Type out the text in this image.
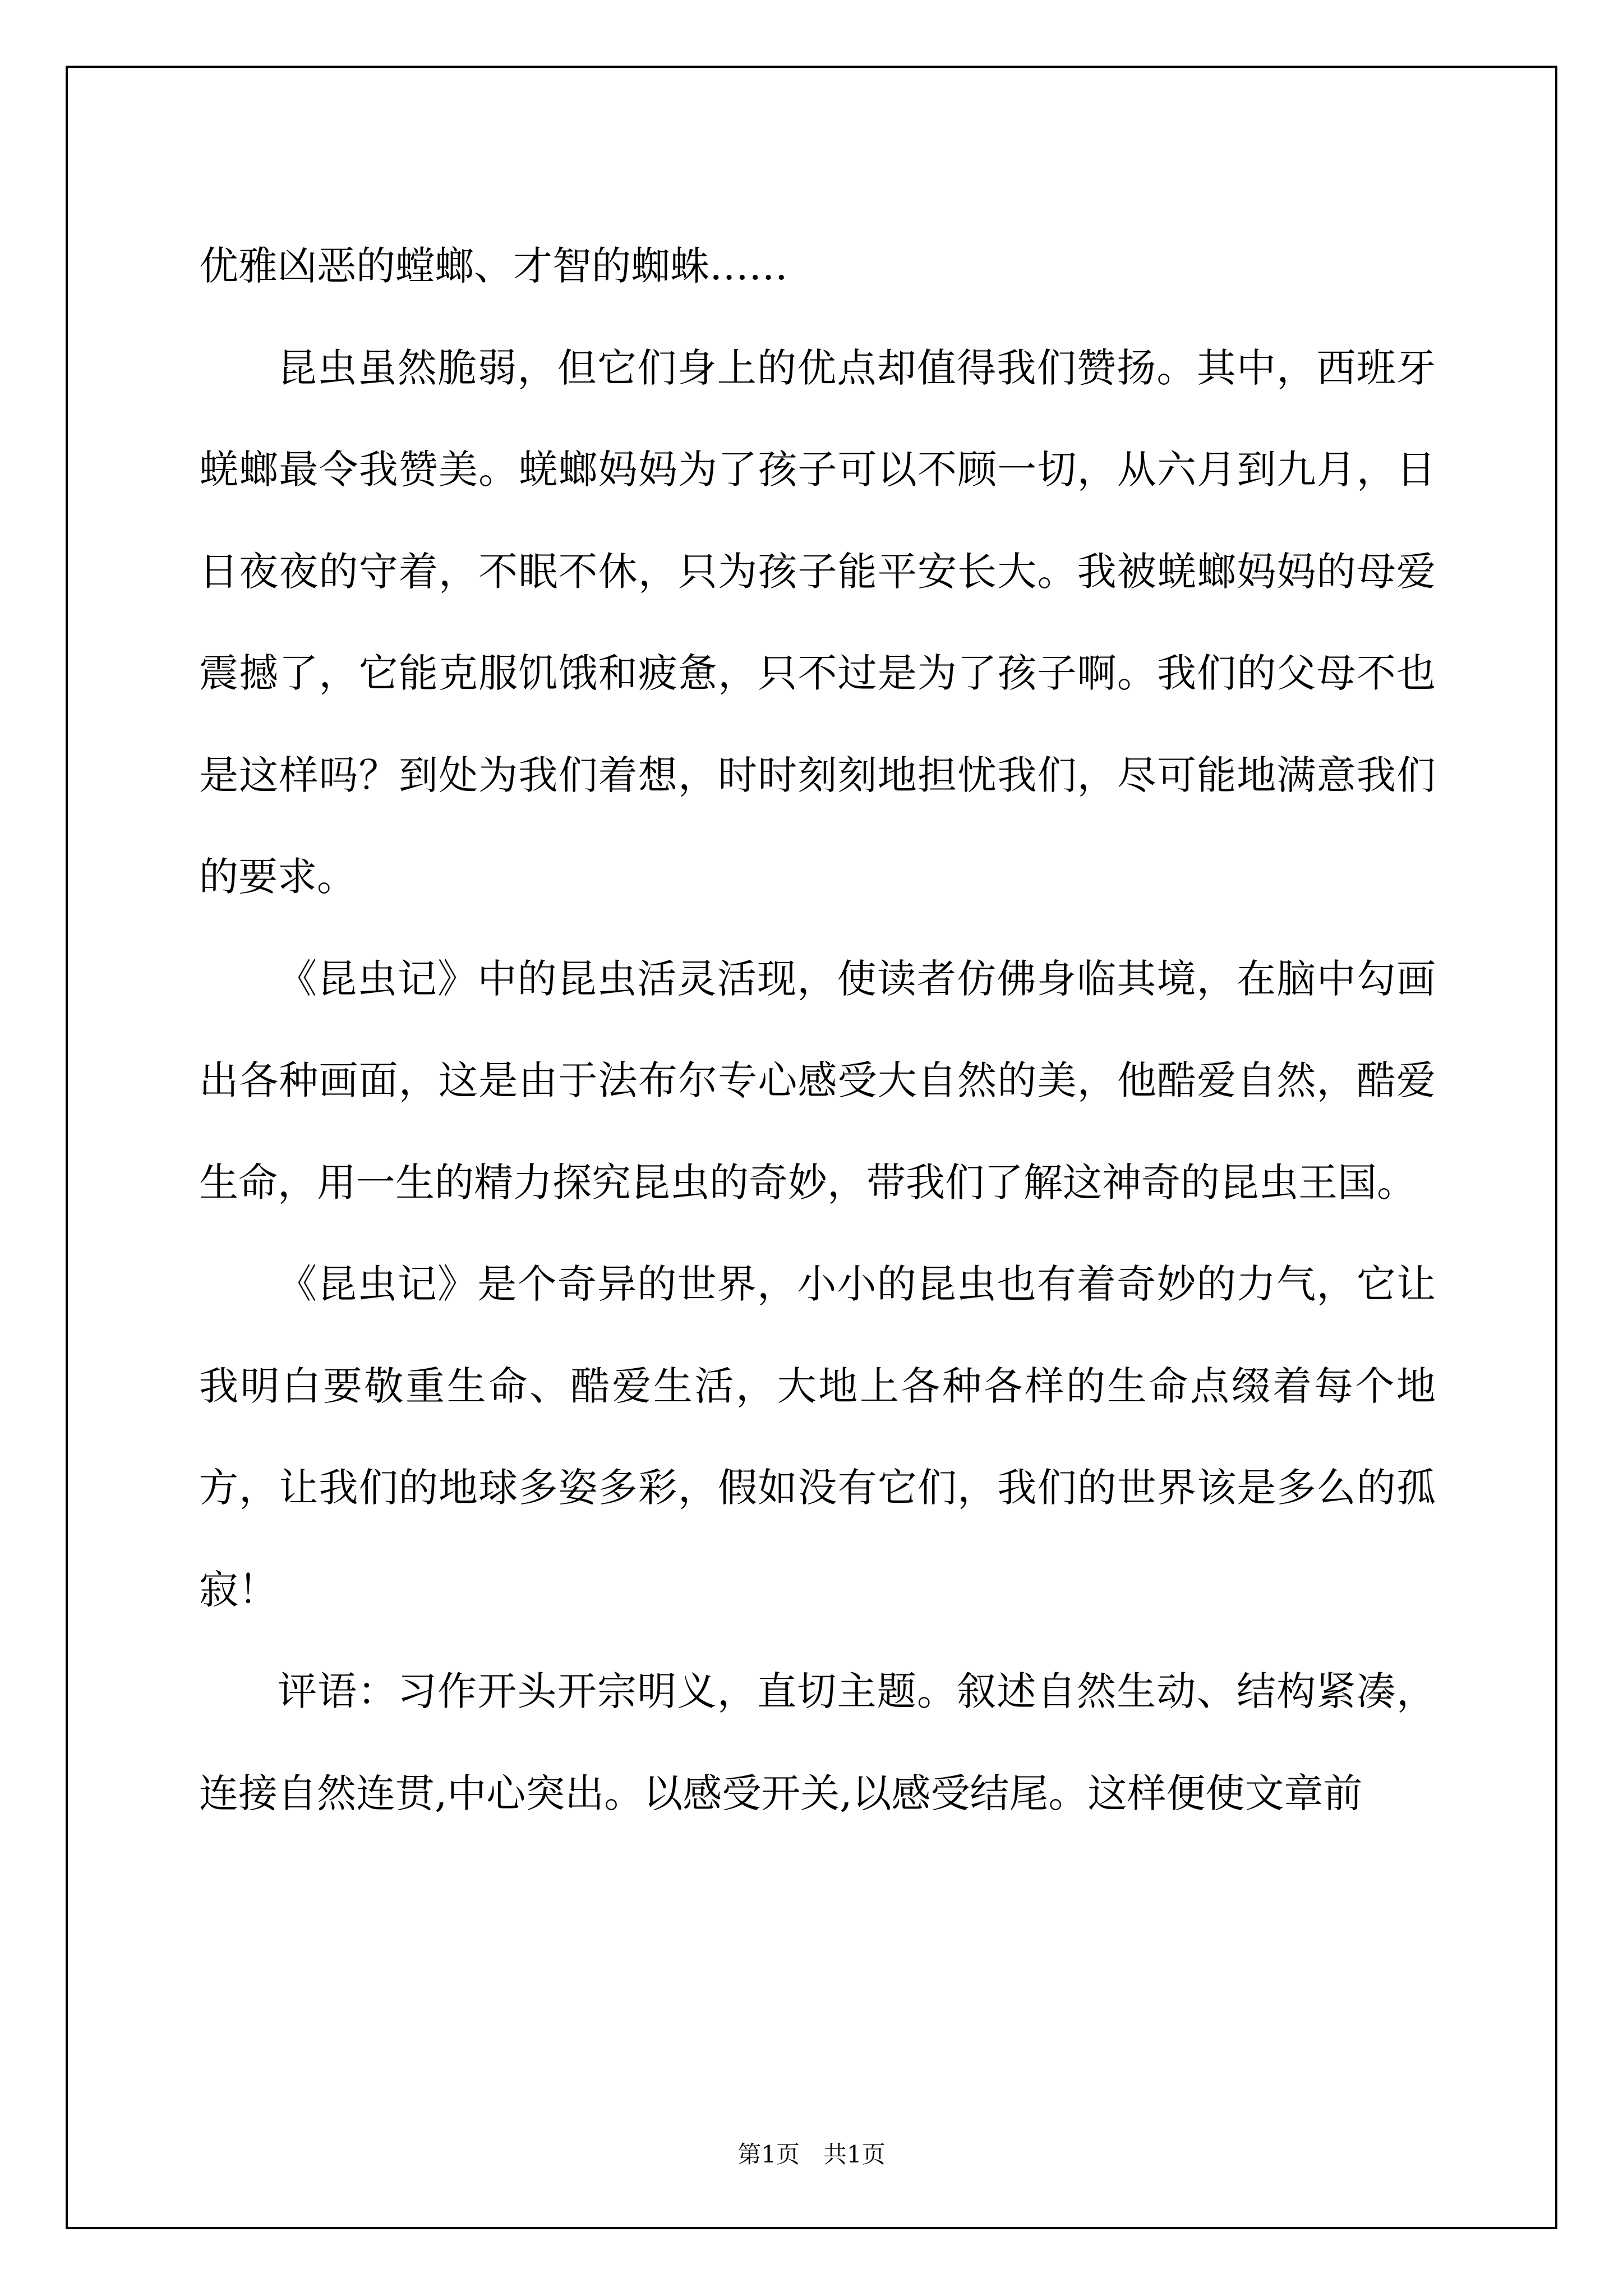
优雅凶恶的螳螂、才智的蜘蛛……

昆虫虽然脆弱，但它们身上的优点却值得我们赞扬。其中，西班牙蜣螂最令我赞美。蜣螂妈妈为了孩子可以不顾一切，从六月到九月，日日夜夜的守着，不眠不休，只为孩子能平安长大。我被蜣螂妈妈的母爱震撼了，它能克服饥饿和疲惫，只不过是为了孩子啊。我们的父母不也是这样吗？到处为我们着想，时时刻刻地担忧我们，尽可能地满意我们的要求。

《昆虫记》中的昆虫活灵活现，使读者仿佛身临其境，在脑中勾画出各种画面，这是由于法布尔专心感受大自然的美，他酷爱自然，酷爱生命，用一生的精力探究昆虫的奇妙，带我们了解这神奇的昆虫王国。

《昆虫记》是个奇异的世界，小小的昆虫也有着奇妙的力气，它让我明白要敬重生命、酷爱生活，大地上各种各样的生命点缀着每个地方，让我们的地球多姿多彩，假如没有它们，我们的世界该是多么的孤寂！

评语：习作开头开宗明义，直切主题。叙述自然生动、结构紧凑，连接自然连贯,中心突出。以感受开关,以感受结尾。这样便使文章前

第1页　共1页
